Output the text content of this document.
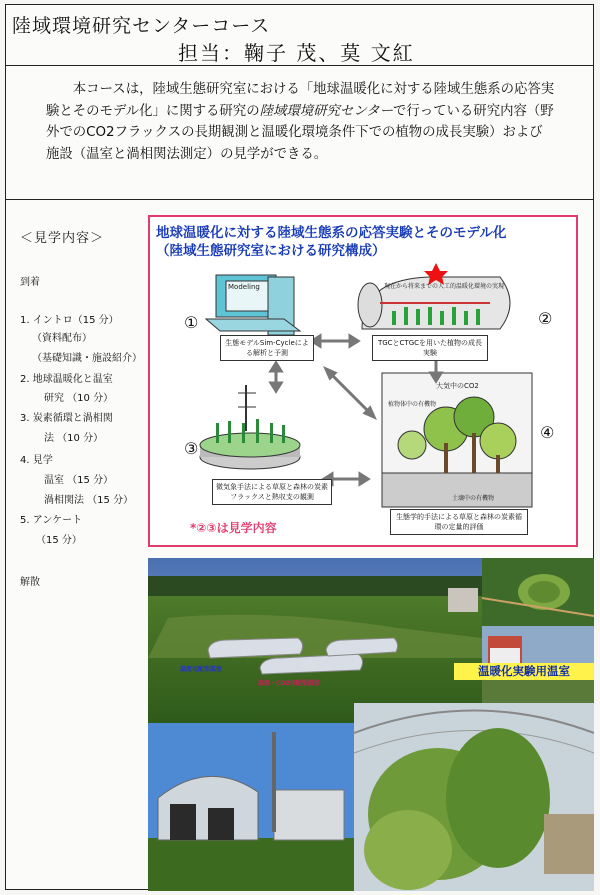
陸域環境研究センターコース
担当：鞠子 茂、莫 文紅
本コースは，陸域生態研究室における「地球温暖化に対する陸域生態系の応答実験とそのモデル化」に関する研究の陸域環境研究センターで行っている研究内容（野外でのCO2フラックスの長期観測と温暖化環境条件下での植物の成長実験）および施設（温室と渦相関法測定）の見学ができる。
＜見学内容＞
到着
1. イントロ（15 分）
（資料配布）
（基礎知識・施設紹介）
2. 地球温暖化と温室
研究 （10 分）
3. 炭素循環と渦相関
法 （10 分）
4. 見学
温室 （15 分）
渦相関法 （15 分）
5. アンケート
（15 分）
解散
地球温暖化に対する陸域生態系の応答実験とそのモデル化
（陸域生態研究室における研究構成）
Modeling	現在から将来までの人工的温暖化環境の実現
大気中のCO2
植物体中の有機物
土壌中の有機物
生態モデルSim-Cycleによる解析と予測
TGCとCTGCを用いた植物の成長実験
微気象手法による草原と森林の炭素フラックスと熱収支の観測
生態学的手法による草原と森林の炭素循環の定量的評価
①	②
③
④
*②③は見学内容
温度勾配型温室
温度・CO2勾配型温室
温暖化実験用温室
